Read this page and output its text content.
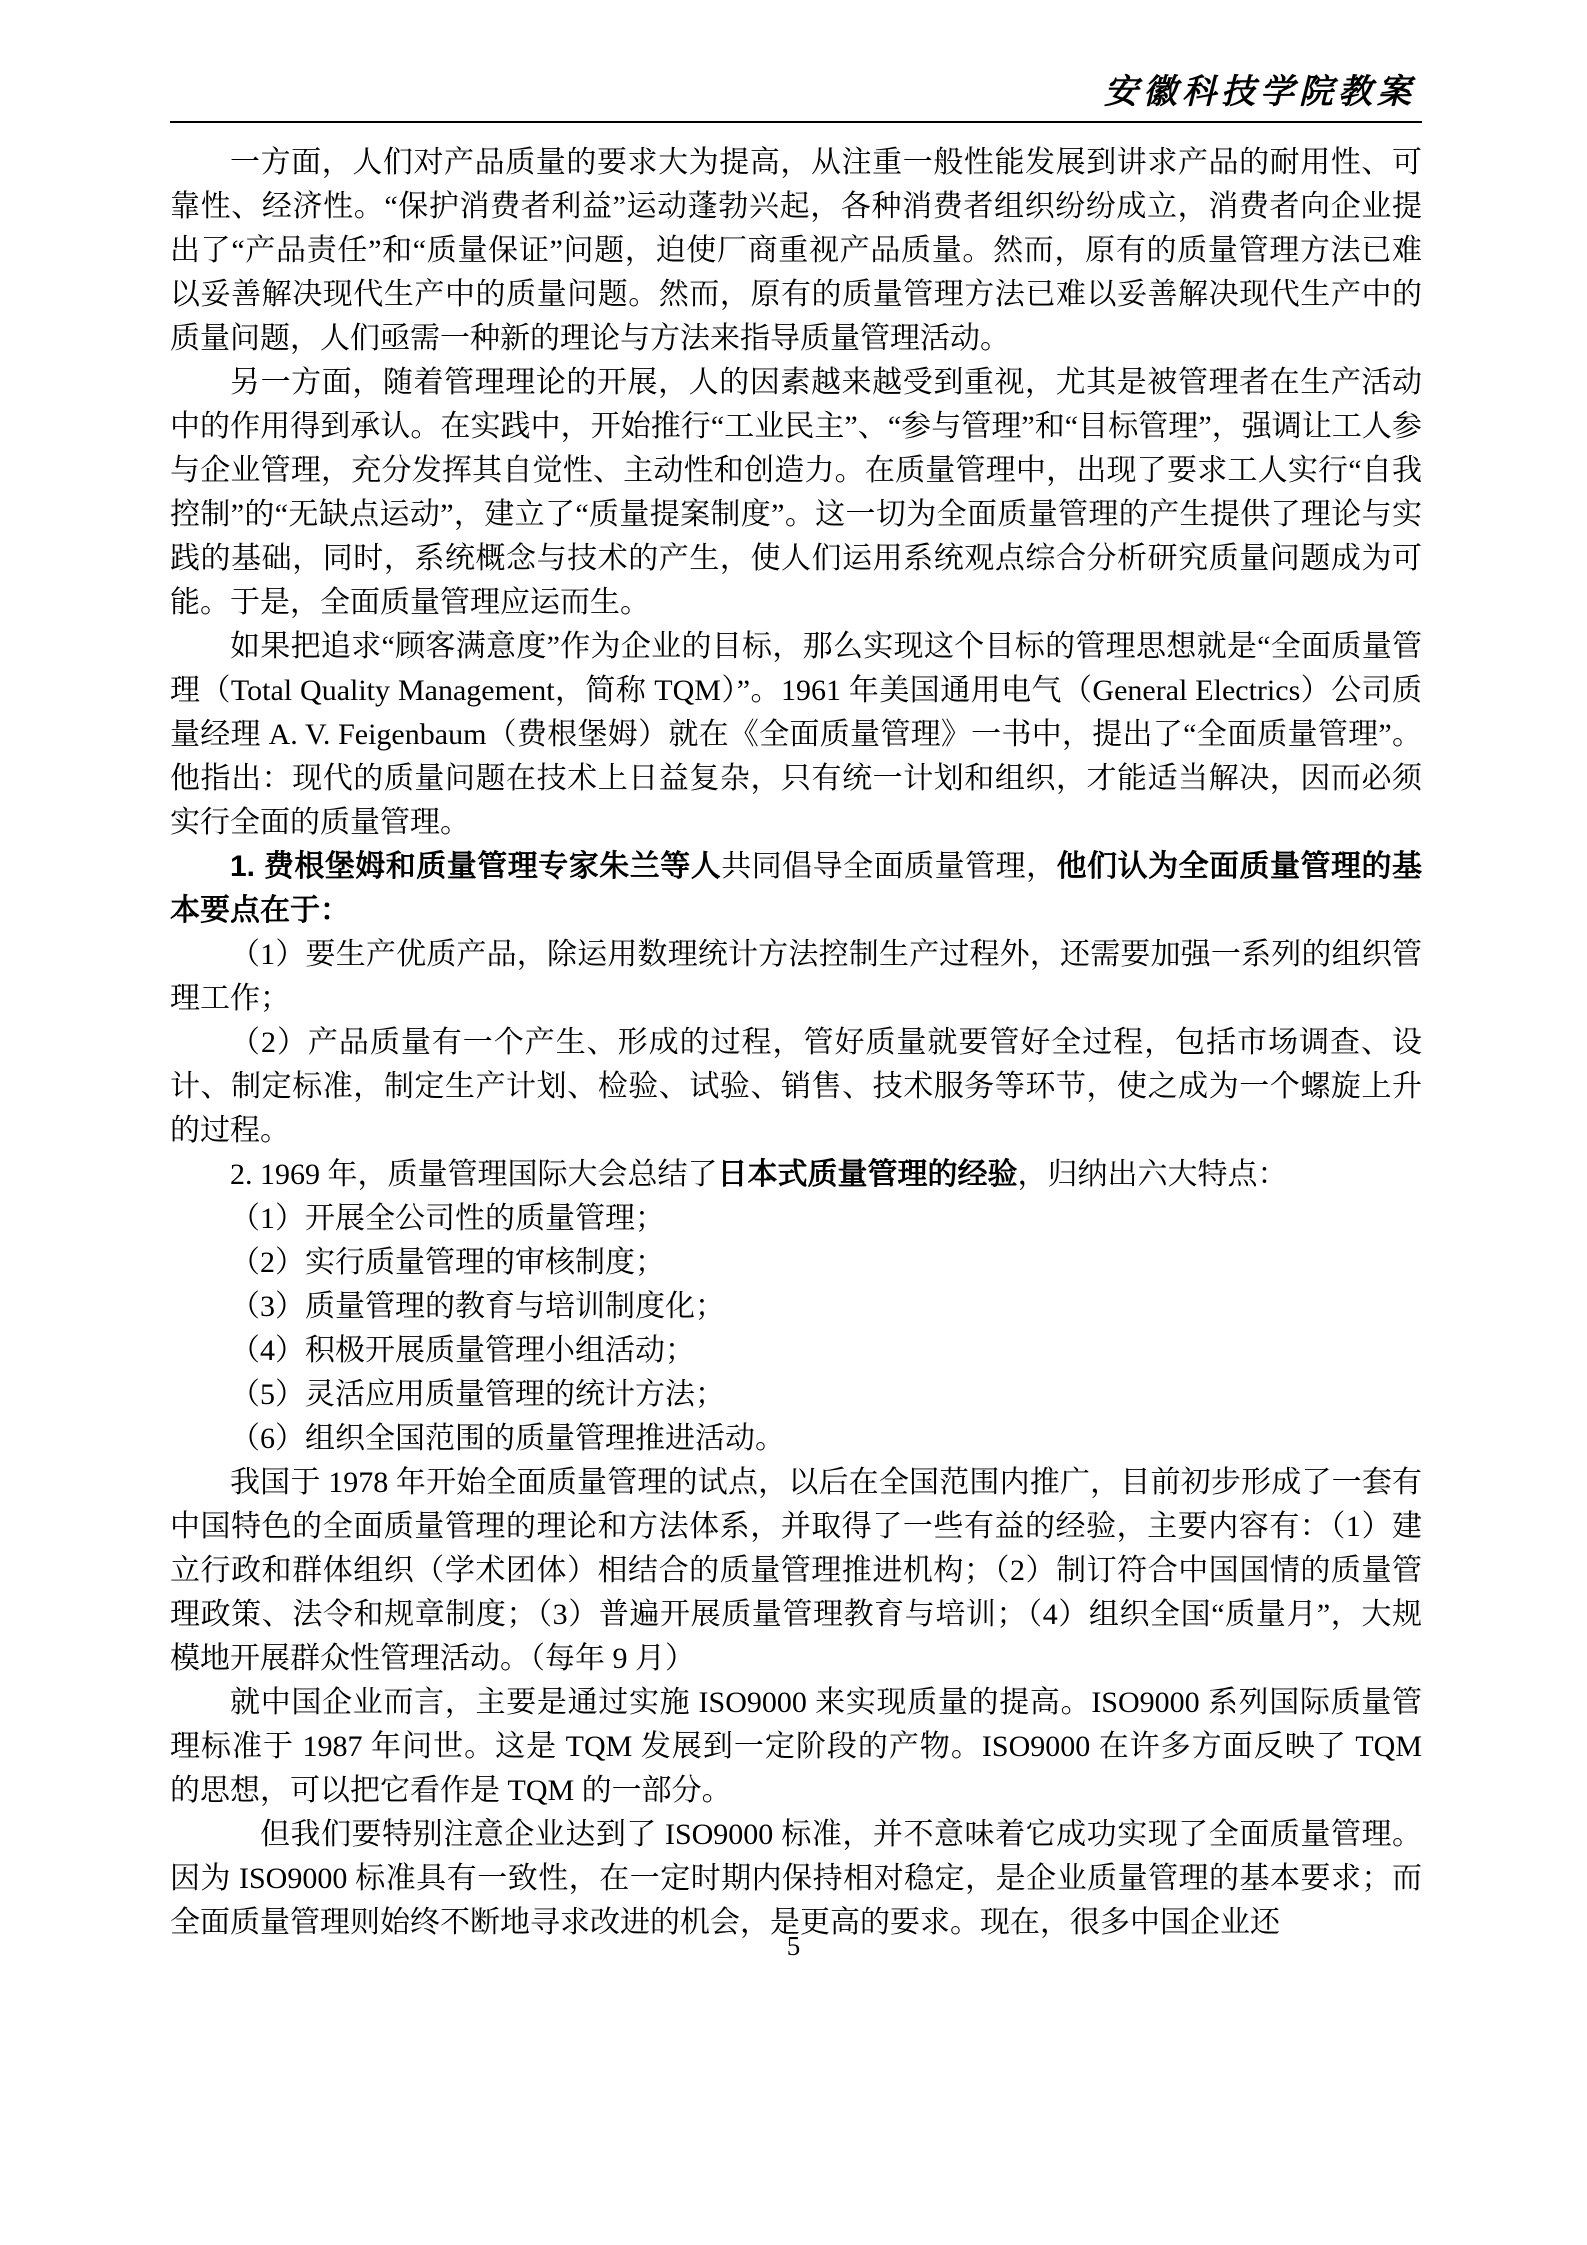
安徽科技学院教案

一方面，人们对产品质量的要求大为提高，从注重一般性能发展到讲求产品的耐用性、可靠性、经济性。“保护消费者利益”运动蓬勃兴起，各种消费者组织纷纷成立，消费者向企业提出了“产品责任”和“质量保证”问题，迫使厂商重视产品质量。然而，原有的质量管理方法已难以妥善解决现代生产中的质量问题。然而，原有的质量管理方法已难以妥善解决现代生产中的质量问题，人们亟需一种新的理论与方法来指导质量管理活动。

另一方面，随着管理理论的开展，人的因素越来越受到重视，尤其是被管理者在生产活动中的作用得到承认。在实践中，开始推行“工业民主”、“参与管理”和“目标管理”，强调让工人参与企业管理，充分发挥其自觉性、主动性和创造力。在质量管理中，出现了要求工人实行“自我控制”的“无缺点运动”，建立了“质量提案制度”。这一切为全面质量管理的产生提供了理论与实践的基础，同时，系统概念与技术的产生，使人们运用系统观点综合分析研究质量问题成为可能。于是，全面质量管理应运而生。

如果把追求“顾客满意度”作为企业的目标，那么实现这个目标的管理思想就是“全面质量管理（Total Quality Management，简称 TQM）”。1961 年美国通用电气（General Electrics）公司质量经理 A. V. Feigenbaum（费根堡姆）就在《全面质量管理》一书中，提出了“全面质量管理”。他指出：现代的质量问题在技术上日益复杂，只有统一计划和组织，才能适当解决，因而必须实行全面的质量管理。

1. 费根堡姆和质量管理专家朱兰等人共同倡导全面质量管理，他们认为全面质量管理的基本要点在于：

（1）要生产优质产品，除运用数理统计方法控制生产过程外，还需要加强一系列的组织管理工作；

（2）产品质量有一个产生、形成的过程，管好质量就要管好全过程，包括市场调查、设计、制定标准，制定生产计划、检验、试验、销售、技术服务等环节，使之成为一个螺旋上升的过程。

2. 1969 年，质量管理国际大会总结了日本式质量管理的经验，归纳出六大特点：

（1）开展全公司性的质量管理；

（2）实行质量管理的审核制度；

（3）质量管理的教育与培训制度化；

（4）积极开展质量管理小组活动；

（5）灵活应用质量管理的统计方法；

（6）组织全国范围的质量管理推进活动。

我国于 1978 年开始全面质量管理的试点，以后在全国范围内推广，目前初步形成了一套有中国特色的全面质量管理的理论和方法体系，并取得了一些有益的经验，主要内容有：（1）建立行政和群体组织（学术团体）相结合的质量管理推进机构；（2）制订符合中国国情的质量管理政策、法令和规章制度；（3）普遍开展质量管理教育与培训；（4）组织全国“质量月”，大规模地开展群众性管理活动。（每年 9 月）

就中国企业而言，主要是通过实施 ISO9000 来实现质量的提高。ISO9000 系列国际质量管理标准于 1987 年问世。这是 TQM 发展到一定阶段的产物。ISO9000 在许多方面反映了 TQM 的思想，可以把它看作是 TQM 的一部分。

但我们要特别注意企业达到了 ISO9000 标准，并不意味着它成功实现了全面质量管理。因为 ISO9000 标准具有一致性，在一定时期内保持相对稳定，是企业质量管理的基本要求；而全面质量管理则始终不断地寻求改进的机会，是更高的要求。现在，很多中国企业还

5
